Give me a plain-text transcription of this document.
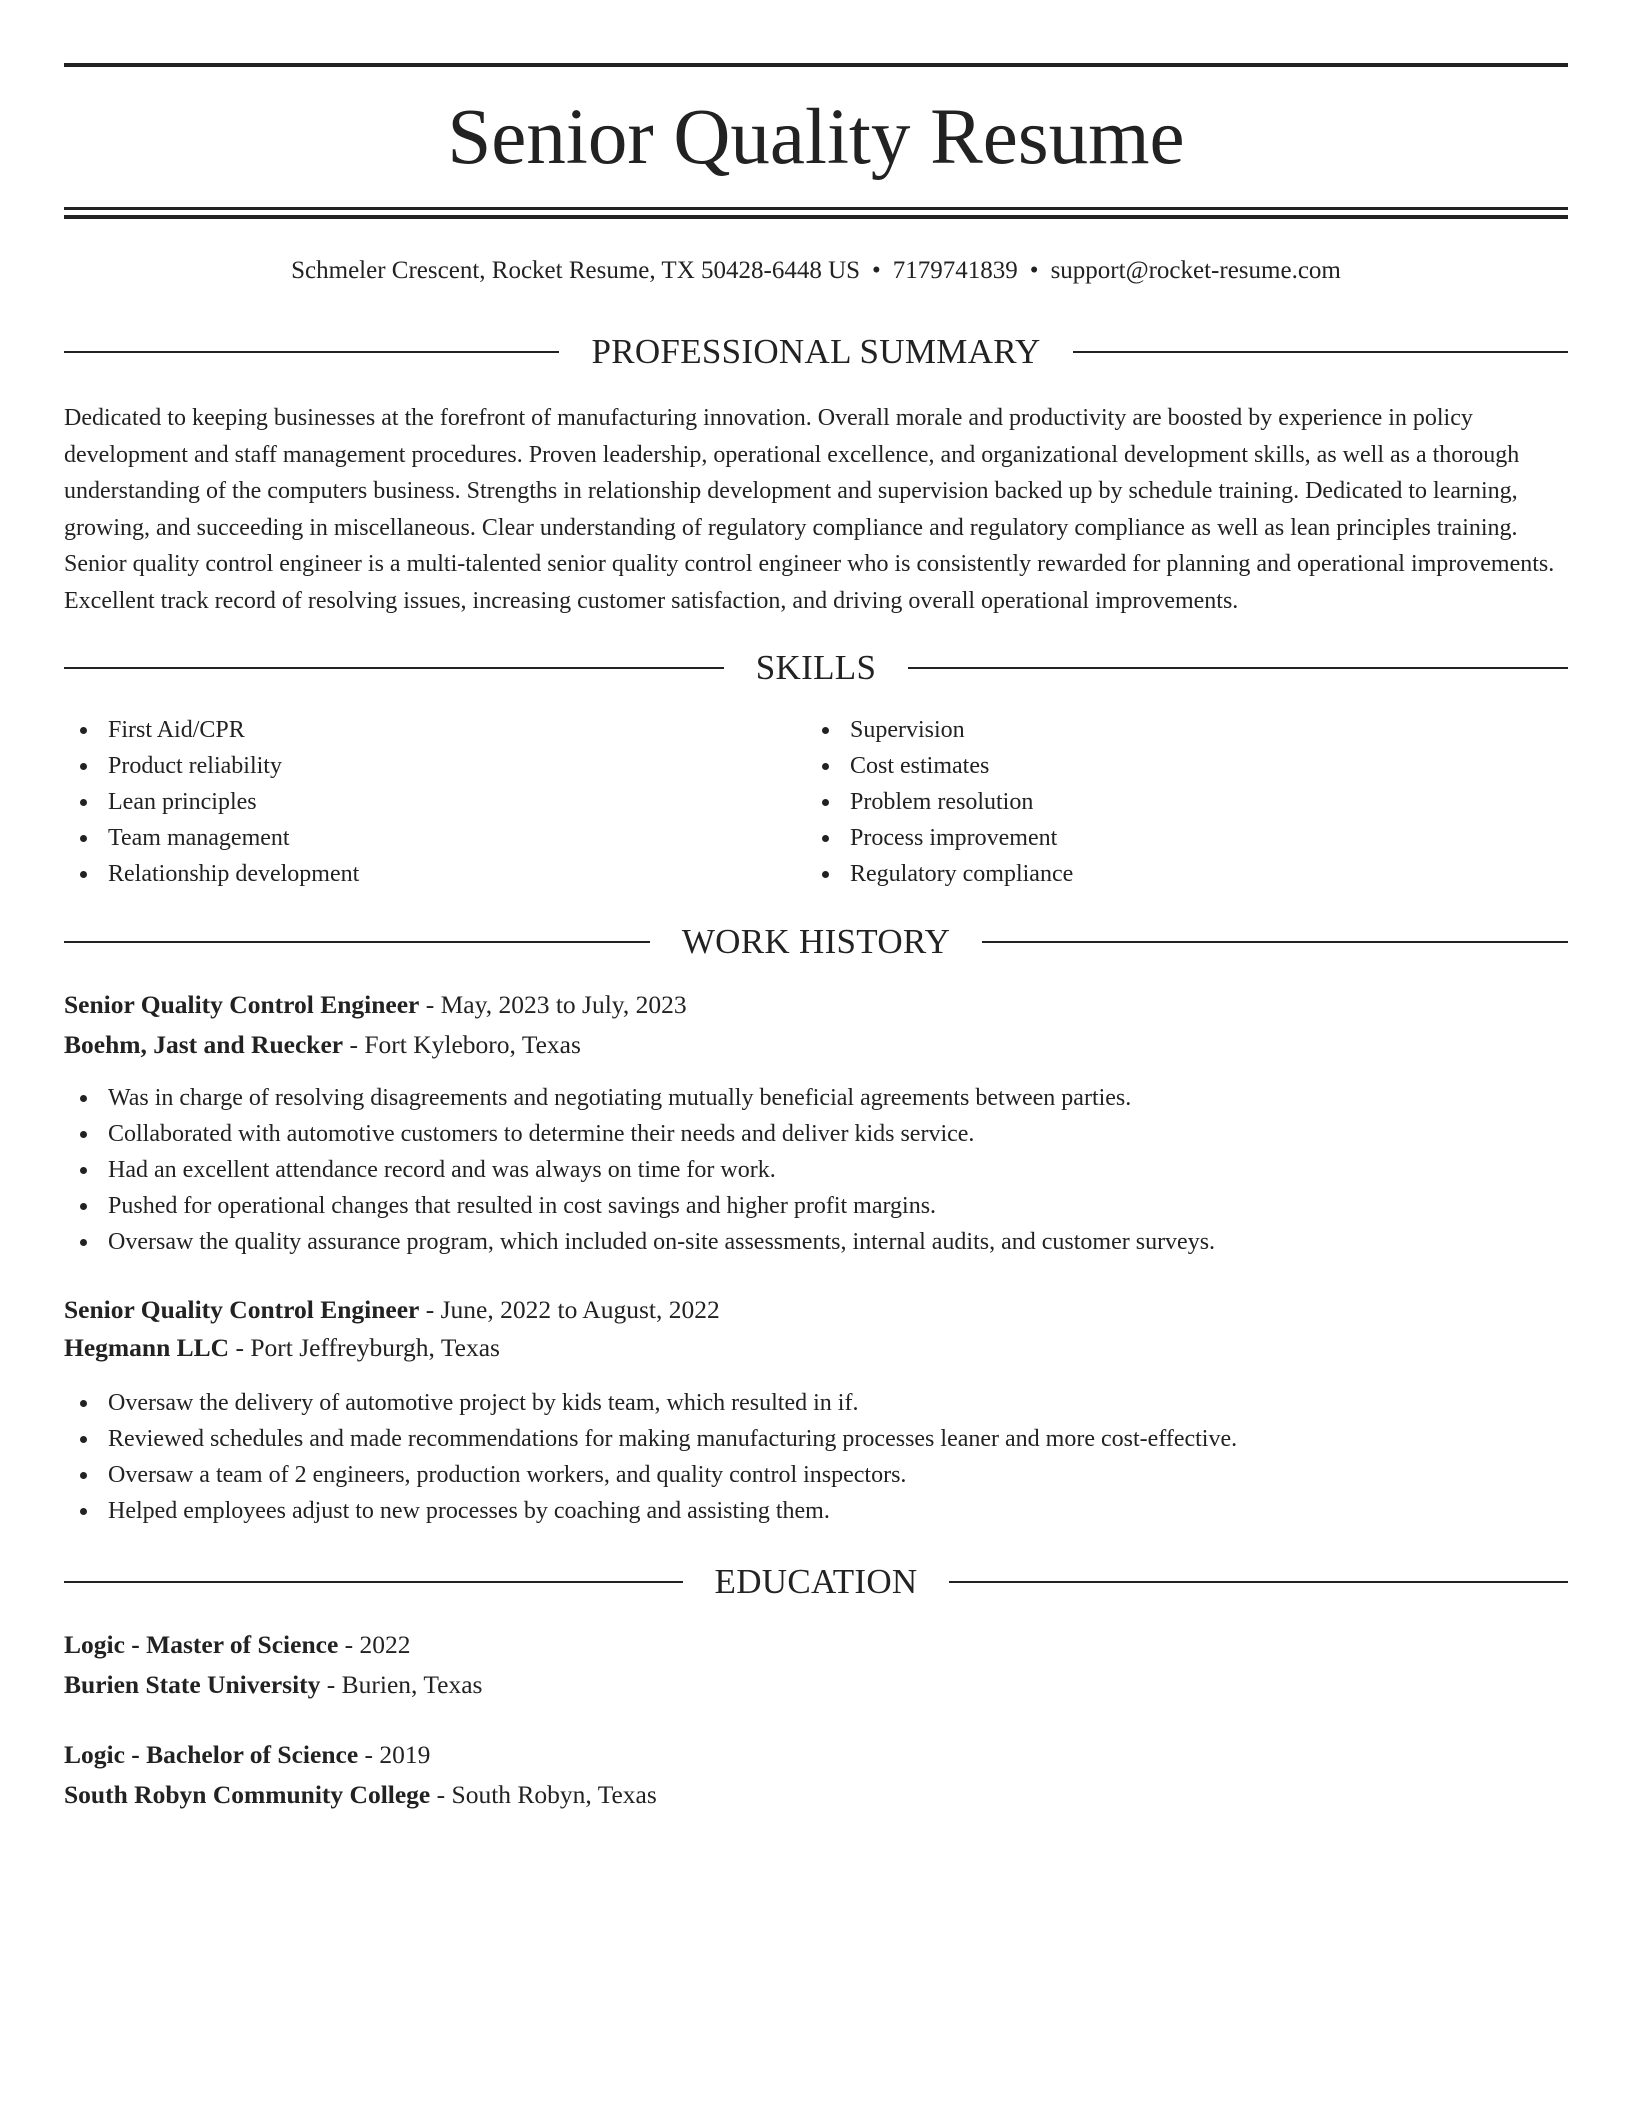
Senior Quality Resume
Schmeler Crescent, Rocket Resume, TX 50428-6448 US • 7179741839 • support@rocket-resume.com
PROFESSIONAL SUMMARY

Dedicated to keeping businesses at the forefront of manufacturing innovation. Overall morale and productivity are boosted by experience in policy development and staff management procedures. Proven leadership, operational excellence, and organizational development skills, as well as a thorough understanding of the computers business. Strengths in relationship development and supervision backed up by schedule training. Dedicated to learning, growing, and succeeding in miscellaneous. Clear understanding of regulatory compliance and regulatory compliance as well as lean principles training. Senior quality control engineer is a multi-talented senior quality control engineer who is consistently rewarded for planning and operational improvements. Excellent track record of resolving issues, increasing customer satisfaction, and driving overall operational improvements.

SKILLS
First Aid/CPR
Product reliability
Lean principles
Team management
Relationship development
Supervision
Cost estimates
Problem resolution
Process improvement
Regulatory compliance
WORK HISTORY
Senior Quality Control Engineer - May, 2023 to July, 2023
Boehm, Jast and Ruecker - Fort Kyleboro, Texas
Was in charge of resolving disagreements and negotiating mutually beneficial agreements between parties.
Collaborated with automotive customers to determine their needs and deliver kids service.
Had an excellent attendance record and was always on time for work.
Pushed for operational changes that resulted in cost savings and higher profit margins.
Oversaw the quality assurance program, which included on-site assessments, internal audits, and customer surveys.
Senior Quality Control Engineer - June, 2022 to August, 2022
Hegmann LLC - Port Jeffreyburgh, Texas
Oversaw the delivery of automotive project by kids team, which resulted in if.
Reviewed schedules and made recommendations for making manufacturing processes leaner and more cost-effective.
Oversaw a team of 2 engineers, production workers, and quality control inspectors.
Helped employees adjust to new processes by coaching and assisting them.
EDUCATION
Logic - Master of Science - 2022
Burien State University - Burien, Texas
Logic - Bachelor of Science - 2019
South Robyn Community College - South Robyn, Texas
